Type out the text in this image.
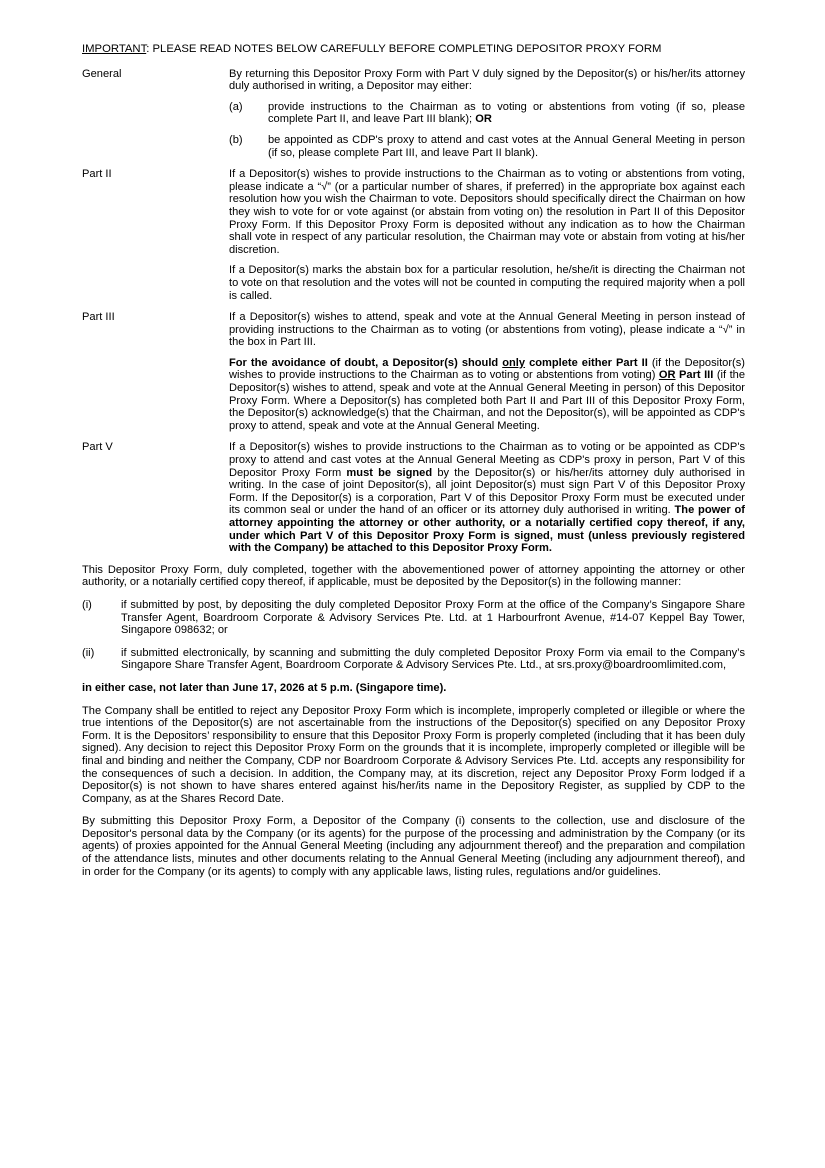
IMPORTANT: PLEASE READ NOTES BELOW CAREFULLY BEFORE COMPLETING DEPOSITOR PROXY FORM
General	By returning this Depositor Proxy Form with Part V duly signed by the Depositor(s) or his/her/its attorney duly authorised in writing, a Depositor may either:

(a)	provide instructions to the Chairman as to voting or abstentions from voting (if so, please complete Part II, and leave Part III blank); OR

(b)	be appointed as CDP's proxy to attend and cast votes at the Annual General Meeting in person (if so, please complete Part III, and leave Part II blank).

Part II	If a Depositor(s) wishes to provide instructions to the Chairman as to voting or abstentions from voting, please indicate a “√” (or a particular number of shares, if preferred) in the appropriate box against each resolution how you wish the Chairman to vote. Depositors should specifically direct the Chairman on how they wish to vote for or vote against (or abstain from voting on) the resolution in Part II of this Depositor Proxy Form. If this Depositor Proxy Form is deposited without any indication as to how the Chairman shall vote in respect of any particular resolution, the Chairman may vote or abstain from voting at his/her discretion.

If a Depositor(s) marks the abstain box for a particular resolution, he/she/it is directing the Chairman not to vote on that resolution and the votes will not be counted in computing the required majority when a poll is called.

Part III	If a Depositor(s) wishes to attend, speak and vote at the Annual General Meeting in person instead of providing instructions to the Chairman as to voting (or abstentions from voting), please indicate a “√” in the box in Part III.

For the avoidance of doubt, a Depositor(s) should only complete either Part II (if the Depositor(s) wishes to provide instructions to the Chairman as to voting or abstentions from voting) OR Part III (if the Depositor(s) wishes to attend, speak and vote at the Annual General Meeting in person) of this Depositor Proxy Form. Where a Depositor(s) has completed both Part II and Part III of this Depositor Proxy Form, the Depositor(s) acknowledge(s) that the Chairman, and not the Depositor(s), will be appointed as CDP's proxy to attend, speak and vote at the Annual General Meeting.

Part V	If a Depositor(s) wishes to provide instructions to the Chairman as to voting or be appointed as CDP's proxy to attend and cast votes at the Annual General Meeting as CDP's proxy in person, Part V of this Depositor Proxy Form must be signed by the Depositor(s) or his/her/its attorney duly authorised in writing. In the case of joint Depositor(s), all joint Depositor(s) must sign Part V of this Depositor Proxy Form. If the Depositor(s) is a corporation, Part V of this Depositor Proxy Form must be executed under its common seal or under the hand of an officer or its attorney duly authorised in writing. The power of attorney appointing the attorney or other authority, or a notarially certified copy thereof, if any, under which Part V of this Depositor Proxy Form is signed, must (unless previously registered with the Company) be attached to this Depositor Proxy Form.

This Depositor Proxy Form, duly completed, together with the abovementioned power of attorney appointing the attorney or other authority, or a notarially certified copy thereof, if applicable, must be deposited by the Depositor(s) in the following manner:

(i)	if submitted by post, by depositing the duly completed Depositor Proxy Form at the office of the Company’s Singapore Share Transfer Agent, Boardroom Corporate & Advisory Services Pte. Ltd. at 1 Harbourfront Avenue, #14-07 Keppel Bay Tower, Singapore 098632; or

(ii)	if submitted electronically, by scanning and submitting the duly completed Depositor Proxy Form via email to the Company’s Singapore Share Transfer Agent, Boardroom Corporate & Advisory Services Pte. Ltd., at srs.proxy@boardroomlimited.com,

in either case, not later than June 17, 2026 at 5 p.m. (Singapore time).

The Company shall be entitled to reject any Depositor Proxy Form which is incomplete, improperly completed or illegible or where the true intentions of the Depositor(s) are not ascertainable from the instructions of the Depositor(s) specified on any Depositor Proxy Form. It is the Depositors’ responsibility to ensure that this Depositor Proxy Form is properly completed (including that it has been duly signed). Any decision to reject this Depositor Proxy Form on the grounds that it is incomplete, improperly completed or illegible will be final and binding and neither the Company, CDP nor Boardroom Corporate & Advisory Services Pte. Ltd. accepts any responsibility for the consequences of such a decision. In addition, the Company may, at its discretion, reject any Depositor Proxy Form lodged if a Depositor(s) is not shown to have shares entered against his/her/its name in the Depository Register, as supplied by CDP to the Company, as at the Shares Record Date.

By submitting this Depositor Proxy Form, a Depositor of the Company (i) consents to the collection, use and disclosure of the Depositor's personal data by the Company (or its agents) for the purpose of the processing and administration by the Company (or its agents) of proxies appointed for the Annual General Meeting (including any adjournment thereof) and the preparation and compilation of the attendance lists, minutes and other documents relating to the Annual General Meeting (including any adjournment thereof), and in order for the Company (or its agents) to comply with any applicable laws, listing rules, regulations and/or guidelines.
